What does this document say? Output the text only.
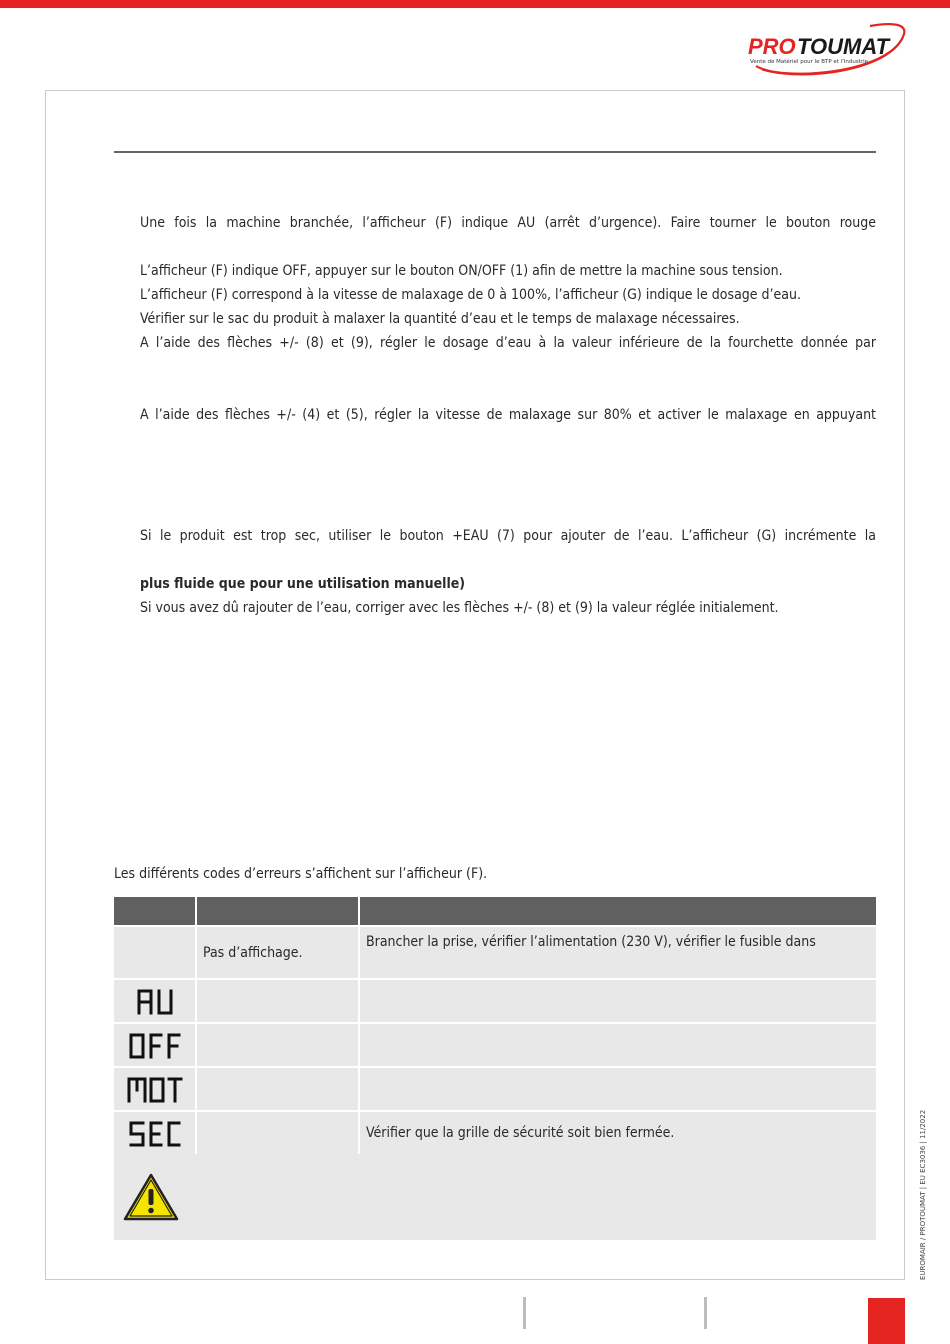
PRO TOUMAT
Vente de Matériel pour le BTP et l'Industrie
Une fois la machine branchée, l’afficheur (F) indique AU (arrêt d’urgence). Faire tourner le bouton rouge
L’afficheur (F) indique OFF, appuyer sur le bouton ON/OFF (1) afin de mettre la machine sous tension.
L’afficheur (F) correspond à la vitesse de malaxage de 0 à 100%, l’afficheur (G) indique le dosage d’eau.
Vérifier sur le sac du produit à malaxer la quantité d’eau et le temps de malaxage nécessaires.
A l’aide des flèches +/- (8) et (9), régler le dosage d’eau à la valeur inférieure de la fourchette donnée par
A l’aide des flèches +/- (4) et (5), régler la vitesse de malaxage sur 80% et activer le malaxage en appuyant
Si le produit est trop sec, utiliser le bouton +EAU (7) pour ajouter de l’eau. L’afficheur (G) incrémente la
plus fluide que pour une utilisation manuelle)
Si vous avez dû rajouter de l’eau, corriger avec les flèches +/- (8) et (9) la valeur réglée initialement.
Les différents codes d’erreurs s’affichent sur l’afficheur (F).

	Pas d’affichage.	Brancher la prise, vérifier l’alimentation (230 V), vérifier le fusible dans

		Vérifier que la grille de sécurité soit bien fermée.	EUROMAIR / PROTOUMAT | EU EC3036 | 11/2022
